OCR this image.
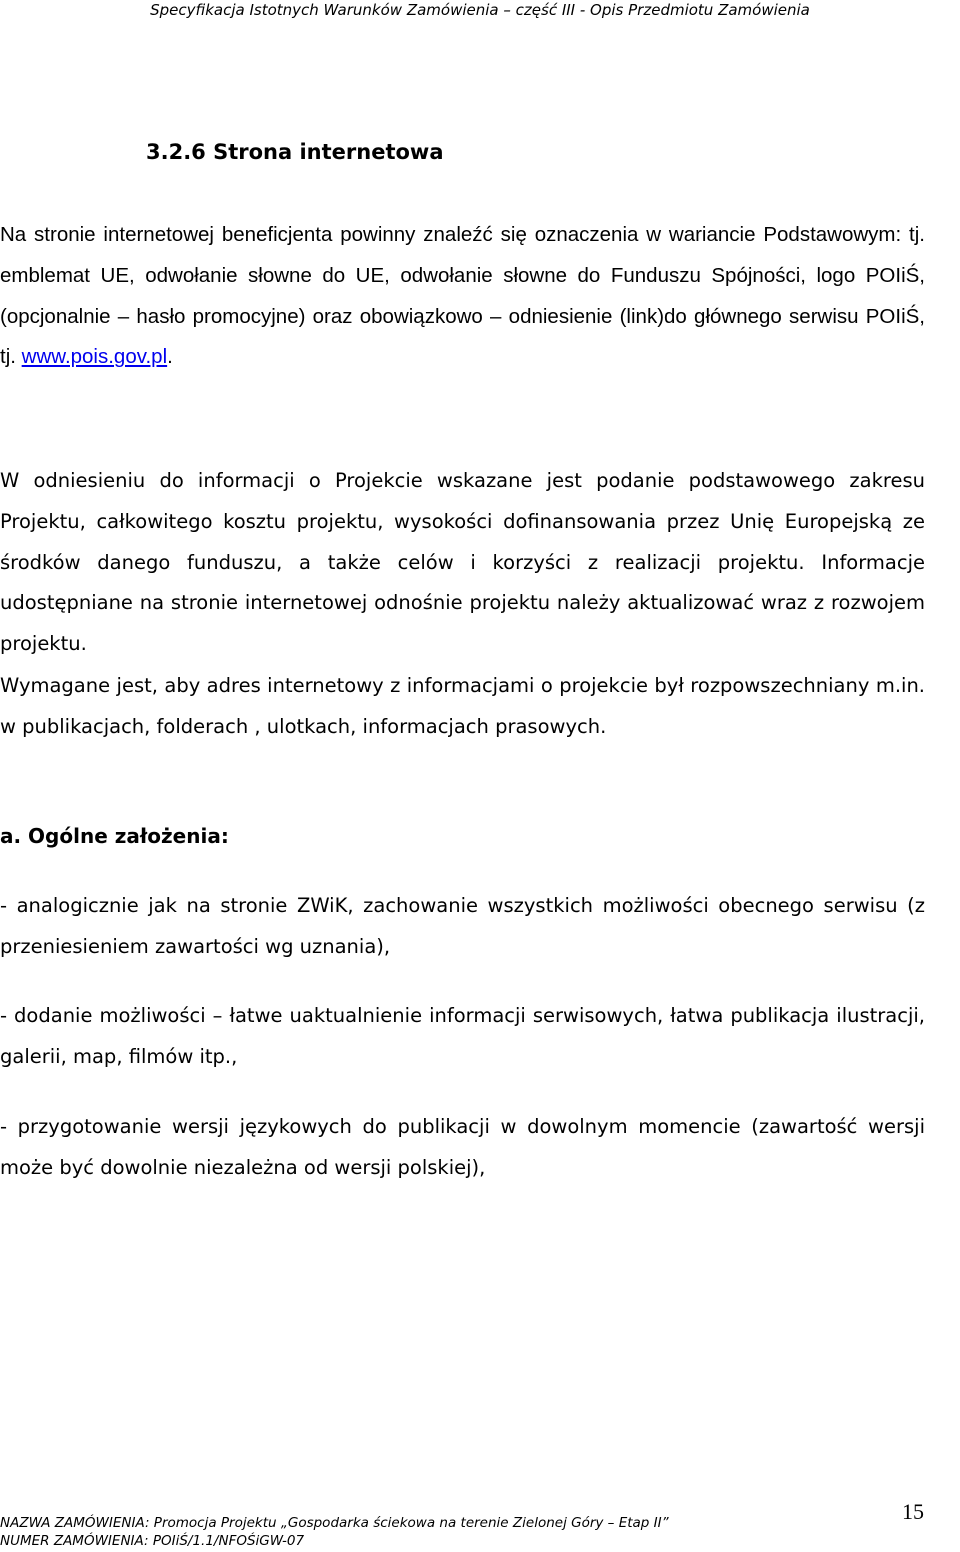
Specyfikacja Istotnych Warunków Zamówienia – część III - Opis Przedmiotu Zamówienia
3.2.6 Strona internetowa

Na stronie internetowej beneficjenta powinny znaleźć się oznaczenia w wariancie Podstawowym: tj. emblemat UE, odwołanie słowne do UE, odwołanie słowne do Funduszu Spójności, logo POIiŚ, (opcjonalnie – hasło promocyjne) oraz obowiązkowo – odniesienie (link)do głównego serwisu POIiŚ, tj. www.pois.gov.pl.

W odniesieniu do informacji o Projekcie wskazane jest podanie podstawowego zakresu Projektu, całkowitego kosztu projektu, wysokości dofinansowania przez Unię Europejską ze środków danego funduszu, a także celów i korzyści z realizacji projektu. Informacje udostępniane na stronie internetowej odnośnie projektu należy aktualizować wraz z rozwojem projektu.

Wymagane jest, aby adres internetowy z informacjami o projekcie był rozpowszechniany m.in. w publikacjach, folderach , ulotkach, informacjach prasowych.

a. Ogólne założenia:

- analogicznie jak na stronie ZWiK, zachowanie wszystkich możliwości obecnego serwisu (z przeniesieniem zawartości wg uznania),

- dodanie możliwości – łatwe uaktualnienie informacji serwisowych, łatwa publikacja ilustracji, galerii, map, filmów itp.,

- przygotowanie wersji językowych do publikacji w dowolnym momencie (zawartość wersji może być dowolnie niezależna od wersji polskiej),

NAZWA ZAMÓWIENIA: Promocja Projektu „Gospodarka ściekowa na terenie Zielonej Góry – Etap II”
NUMER ZAMÓWIENIA: POIiŚ/1.1/NFOŚiGW-07
15
